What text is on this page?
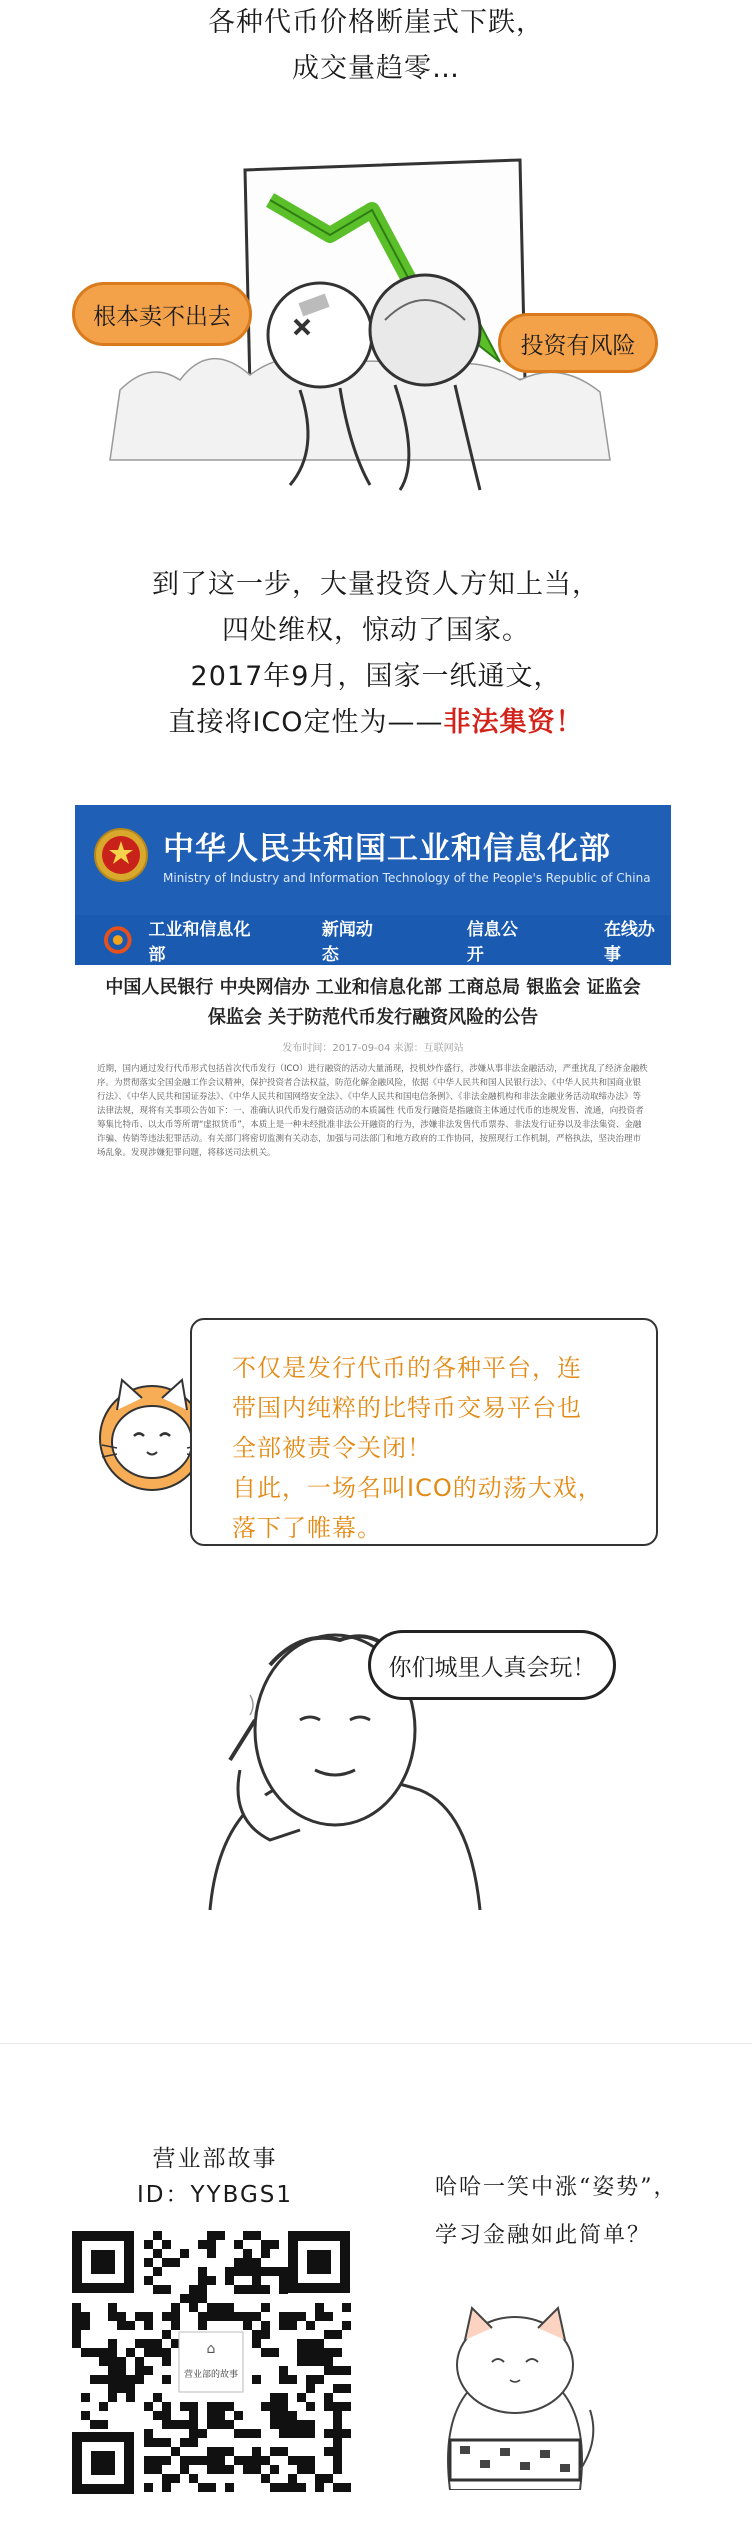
各种代币价格断崖式下跌，
成交量趋零…
根本卖不出去
投资有风险
到了这一步，大量投资人方知上当，
四处维权，惊动了国家。
2017年9月，国家一纸通文，
直接将ICO定性为——非法集资！
中华人民共和国工业和信息化部
Ministry of Industry and Information Technology of the People's Republic of China
工业和信息化部
新闻动态
信息公开
在线办事
中国人民银行 中央网信办 工业和信息化部 工商总局 银监会 证监会
保监会 关于防范代币发行融资风险的公告
发布时间：2017-09-04 来源：互联网站
近期，国内通过发行代币形式包括首次代币发行（ICO）进行融资的活动大量涌现，投机炒作盛行，涉嫌从事非法金融活动，严重扰乱了经济金融秩序。为贯彻落实全国金融工作会议精神，保护投资者合法权益，防范化解金融风险，依据《中华人民共和国人民银行法》、《中华人民共和国商业银行法》、《中华人民共和国证券法》、《中华人民共和国网络安全法》、《中华人民共和国电信条例》、《非法金融机构和非法金融业务活动取缔办法》等法律法规，现将有关事项公告如下：一、准确认识代币发行融资活动的本质属性 代币发行融资是指融资主体通过代币的违规发售、流通，向投资者筹集比特币、以太币等所谓“虚拟货币”，本质上是一种未经批准非法公开融资的行为，涉嫌非法发售代币票券、非法发行证券以及非法集资、金融诈骗、传销等违法犯罪活动。有关部门将密切监测有关动态，加强与司法部门和地方政府的工作协同，按照现行工作机制，严格执法，坚决治理市场乱象。发现涉嫌犯罪问题，将移送司法机关。
不仅是发行代币的各种平台，连
带国内纯粹的比特币交易平台也
全部被责令关闭！
自此，一场名叫ICO的动荡大戏，
落下了帷幕。
你们城里人真会玩！
营业部故事
ID：YYBGS1
⌂
营业部的故事
哈哈一笑中涨“姿势”，
学习金融如此简单？
